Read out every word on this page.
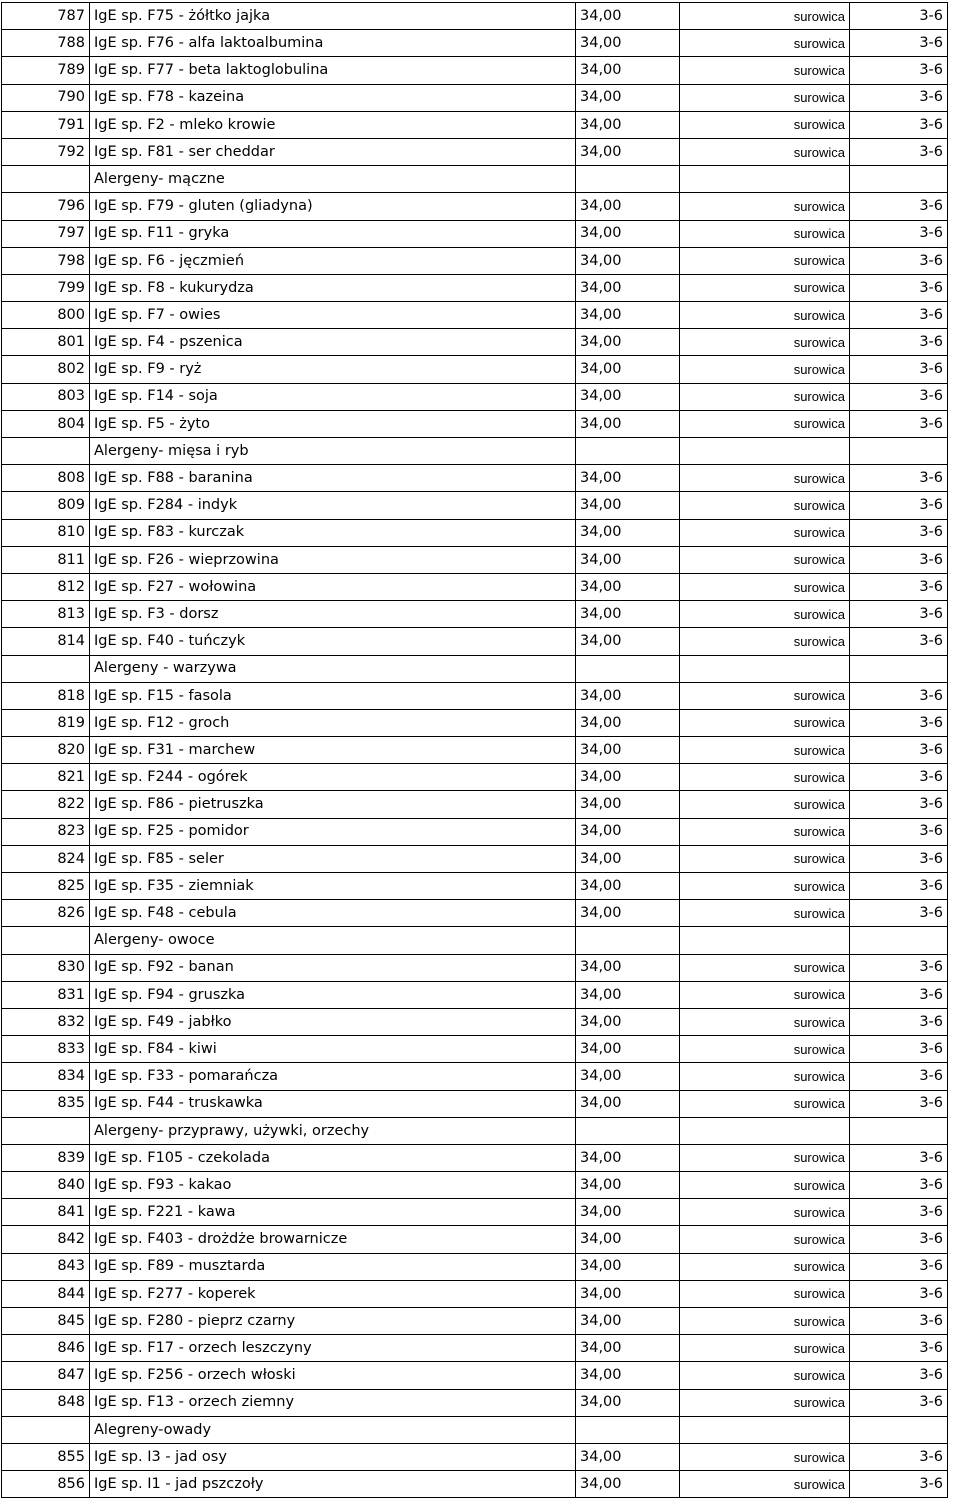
787	IgE sp. F75 - żółtko jajka	34,00	surowica	3-6
788	IgE sp. F76 - alfa laktoalbumina	34,00	surowica	3-6
789	IgE sp. F77 - beta laktoglobulina	34,00	surowica	3-6
790	IgE sp. F78 - kazeina	34,00	surowica	3-6
791	IgE sp. F2 - mleko krowie	34,00	surowica	3-6
792	IgE sp. F81 - ser cheddar	34,00	surowica	3-6
	Alergeny- mączne			
796	IgE sp. F79 - gluten (gliadyna)	34,00	surowica	3-6
797	IgE sp. F11 - gryka	34,00	surowica	3-6
798	IgE sp. F6 - jęczmień	34,00	surowica	3-6
799	IgE sp. F8 - kukurydza	34,00	surowica	3-6
800	IgE sp. F7 - owies	34,00	surowica	3-6
801	IgE sp. F4 - pszenica	34,00	surowica	3-6
802	IgE sp. F9 - ryż	34,00	surowica	3-6
803	IgE sp. F14 - soja	34,00	surowica	3-6
804	IgE sp. F5 - żyto	34,00	surowica	3-6
	Alergeny- mięsa i ryb			
808	IgE sp. F88 - baranina	34,00	surowica	3-6
809	IgE sp. F284 - indyk	34,00	surowica	3-6
810	IgE sp. F83 - kurczak	34,00	surowica	3-6
811	IgE sp. F26 - wieprzowina	34,00	surowica	3-6
812	IgE sp. F27 - wołowina	34,00	surowica	3-6
813	IgE sp. F3 - dorsz	34,00	surowica	3-6
814	IgE sp. F40 - tuńczyk	34,00	surowica	3-6
	Alergeny - warzywa			
818	IgE sp. F15 - fasola	34,00	surowica	3-6
819	IgE sp. F12 - groch	34,00	surowica	3-6
820	IgE sp. F31 - marchew	34,00	surowica	3-6
821	IgE sp. F244 - ogórek	34,00	surowica	3-6
822	IgE sp. F86 - pietruszka	34,00	surowica	3-6
823	IgE sp. F25 - pomidor	34,00	surowica	3-6
824	IgE sp. F85 - seler	34,00	surowica	3-6
825	IgE sp. F35 - ziemniak	34,00	surowica	3-6
826	IgE sp. F48 - cebula	34,00	surowica	3-6
	Alergeny- owoce			
830	IgE sp. F92 - banan	34,00	surowica	3-6
831	IgE sp. F94 - gruszka	34,00	surowica	3-6
832	IgE sp. F49 - jabłko	34,00	surowica	3-6
833	IgE sp. F84 - kiwi	34,00	surowica	3-6
834	IgE sp. F33 - pomarańcza	34,00	surowica	3-6
835	IgE sp. F44 - truskawka	34,00	surowica	3-6
	Alergeny- przyprawy, używki, orzechy			
839	IgE sp. F105 - czekolada	34,00	surowica	3-6
840	IgE sp. F93 - kakao	34,00	surowica	3-6
841	IgE sp. F221 - kawa	34,00	surowica	3-6
842	IgE sp. F403 - drożdże browarnicze	34,00	surowica	3-6
843	IgE sp. F89 - musztarda	34,00	surowica	3-6
844	IgE sp. F277 - koperek	34,00	surowica	3-6
845	IgE sp. F280 - pieprz czarny	34,00	surowica	3-6
846	IgE sp. F17 - orzech leszczyny	34,00	surowica	3-6
847	IgE sp. F256 - orzech włoski	34,00	surowica	3-6
848	IgE sp. F13 - orzech ziemny	34,00	surowica	3-6
	Alegreny-owady			
855	IgE sp. I3 - jad osy	34,00	surowica	3-6
856	IgE sp. I1 - jad pszczoły	34,00	surowica	3-6
